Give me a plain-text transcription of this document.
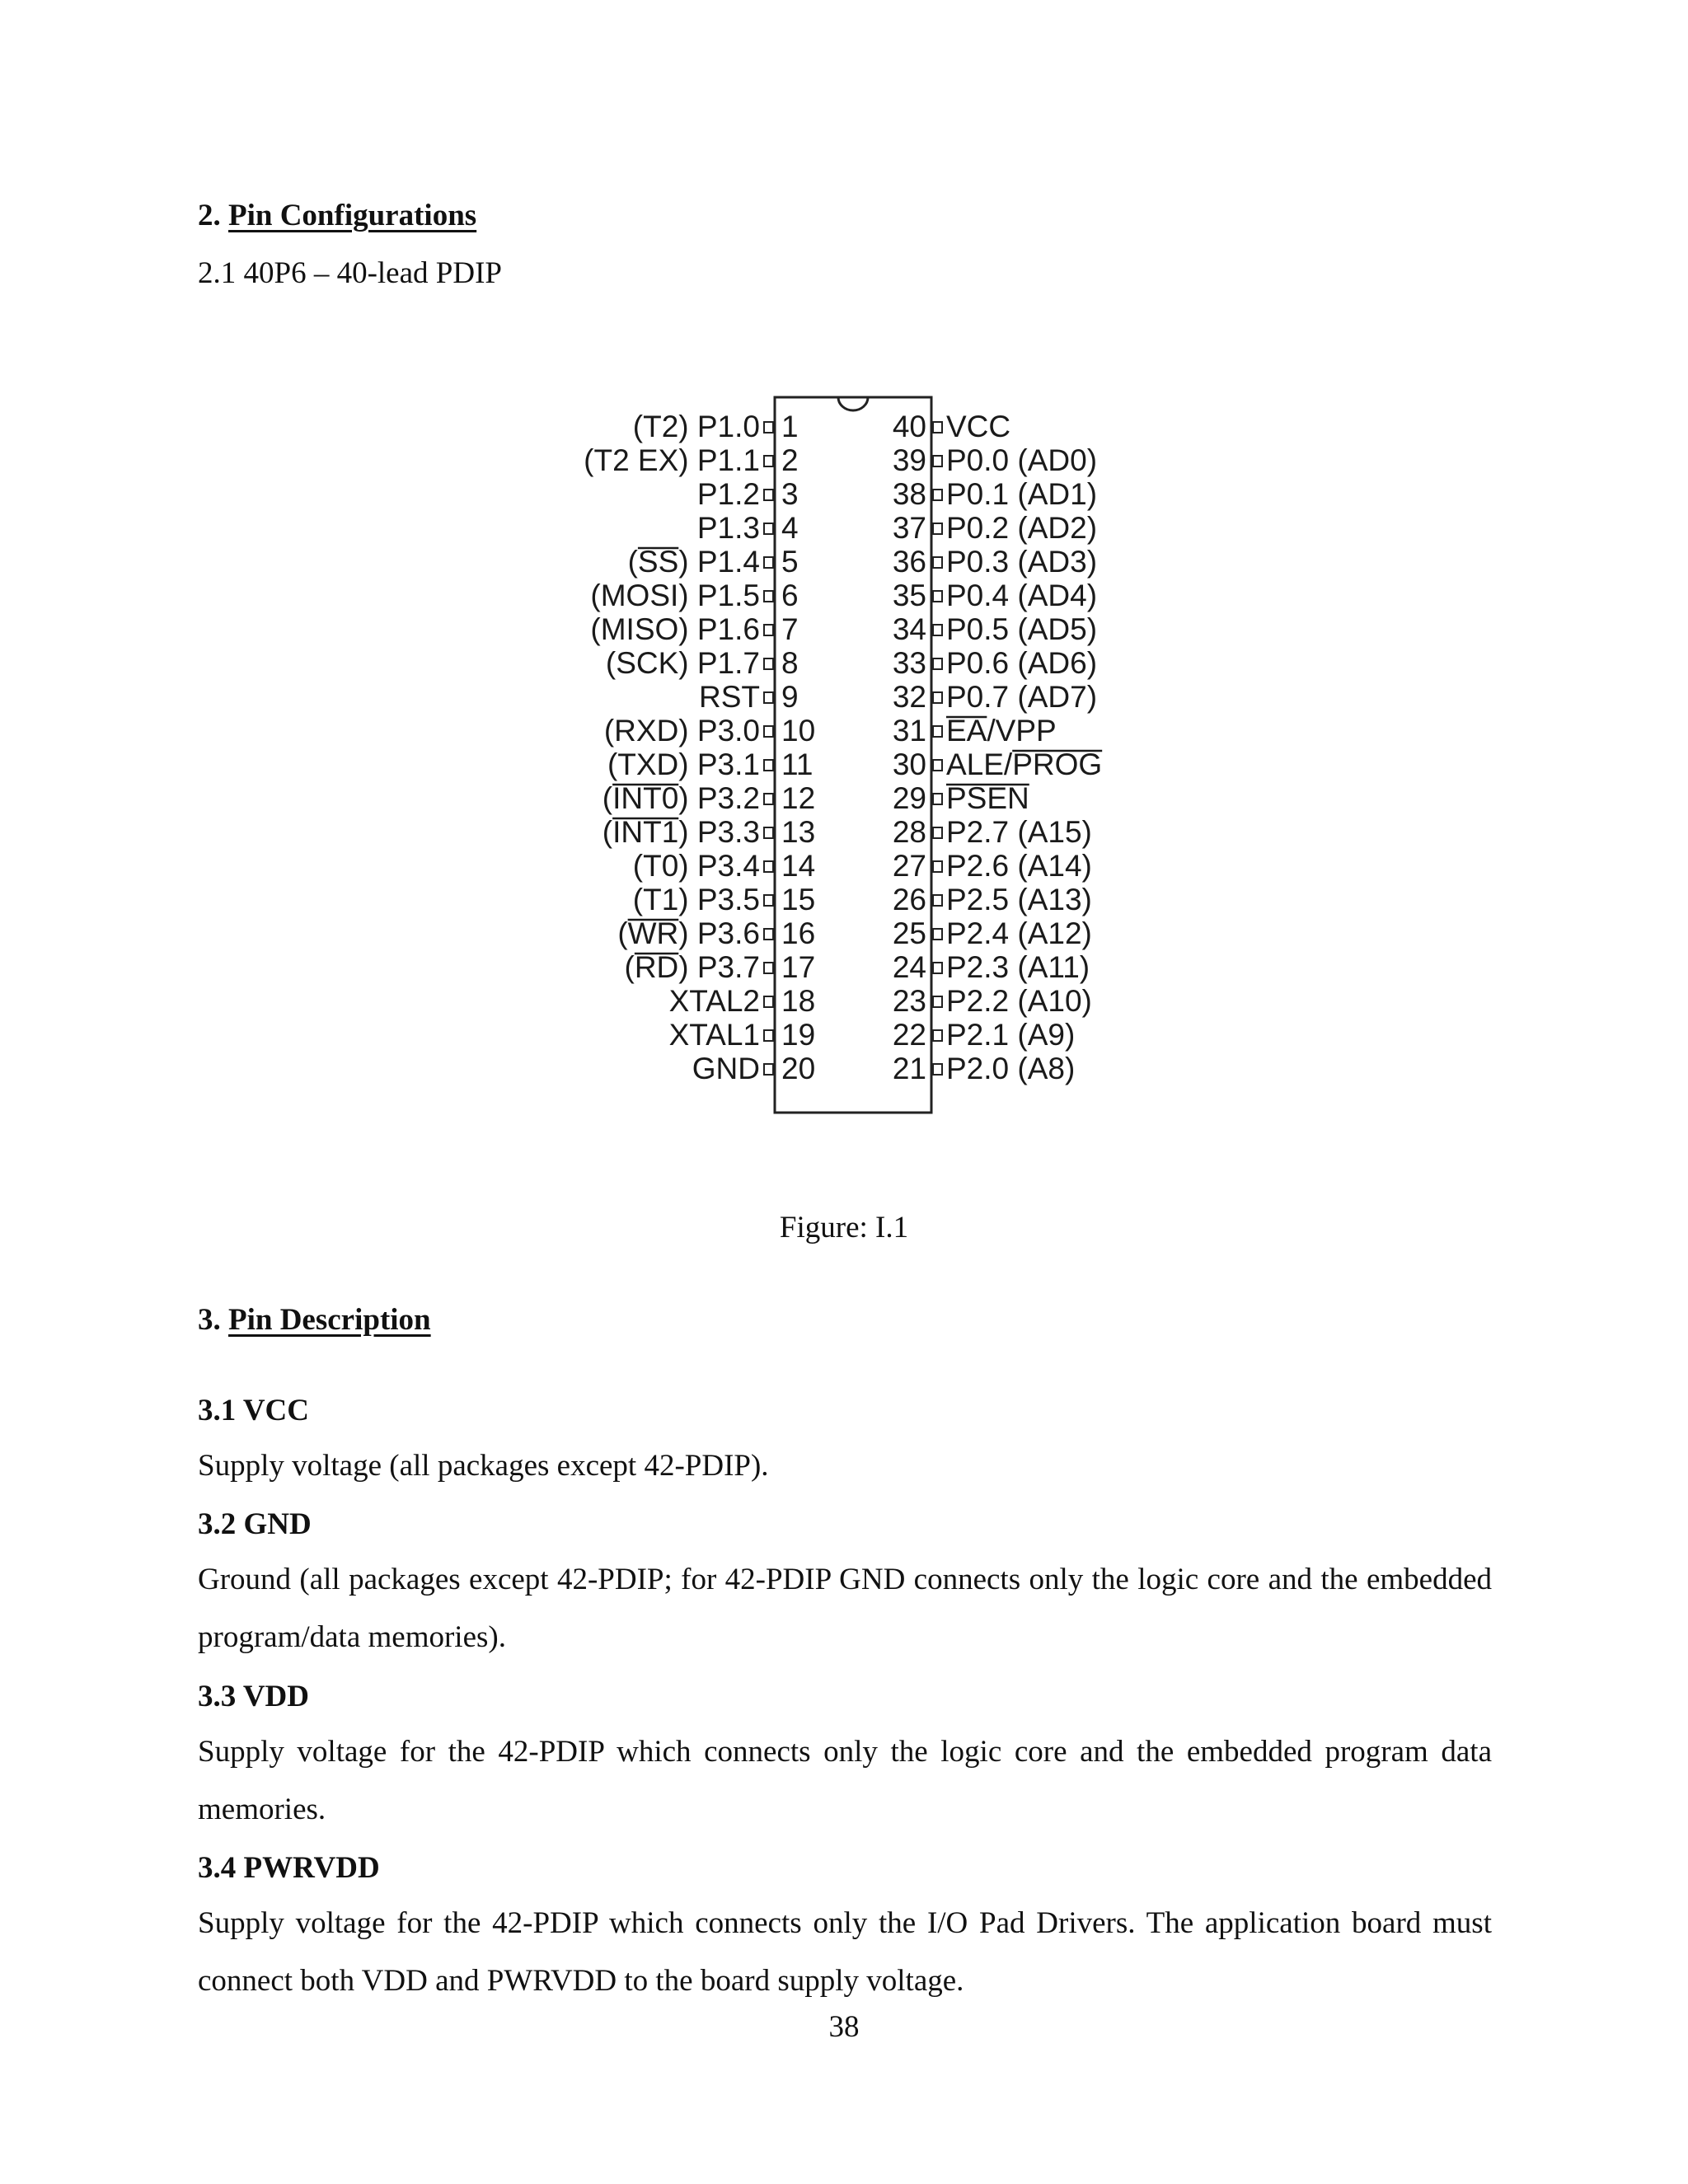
2. Pin Configurations
2.1 40P6 – 40-lead PDIP
1
(T2) P1.0
2
(T2 EX) P1.1
3
P1.2
4
P1.3
5
(SS) P1.4
6
(MOSI) P1.5
7
(MISO) P1.6
8
(SCK) P1.7
9
RST
10
(RXD) P3.0
11
(TXD) P3.1
12
(INT0) P3.2
13
(INT1) P3.3
14
(T0) P3.4
15
(T1) P3.5
16
(WR) P3.6
17
(RD) P3.7
18
XTAL2
19
XTAL1
20
GND
40 VCC
39 P0.0 (AD0)
38 P0.1 (AD1)
37 P0.2 (AD2)
36 P0.3 (AD3)
35 P0.4 (AD4)
34 P0.5 (AD5)
33 P0.6 (AD6)
32 P0.7 (AD7)
31 EA/VPP
30 ALE/PROG
29 PSEN
28 P2.7 (A15)
27 P2.6 (A14)
26 P2.5 (A13)
25 P2.4 (A12)
24 P2.3 (A11)
23 P2.2 (A10)
22 P2.1 (A9)
21 P2.0 (A8)
Figure: I.1
3. Pin Description
3.1 VCC
Supply voltage (all packages except 42-PDIP).
3.2 GND
Ground (all packages except 42-PDIP; for 42-PDIP GND connects only the logic core and the embedded program/data memories).
3.3 VDD
Supply voltage for the 42-PDIP which connects only the logic core and the embedded program data memories.
3.4 PWRVDD
Supply voltage for the 42-PDIP which connects only the I/O Pad Drivers. The application board must connect both VDD and PWRVDD to the board supply voltage.
38
